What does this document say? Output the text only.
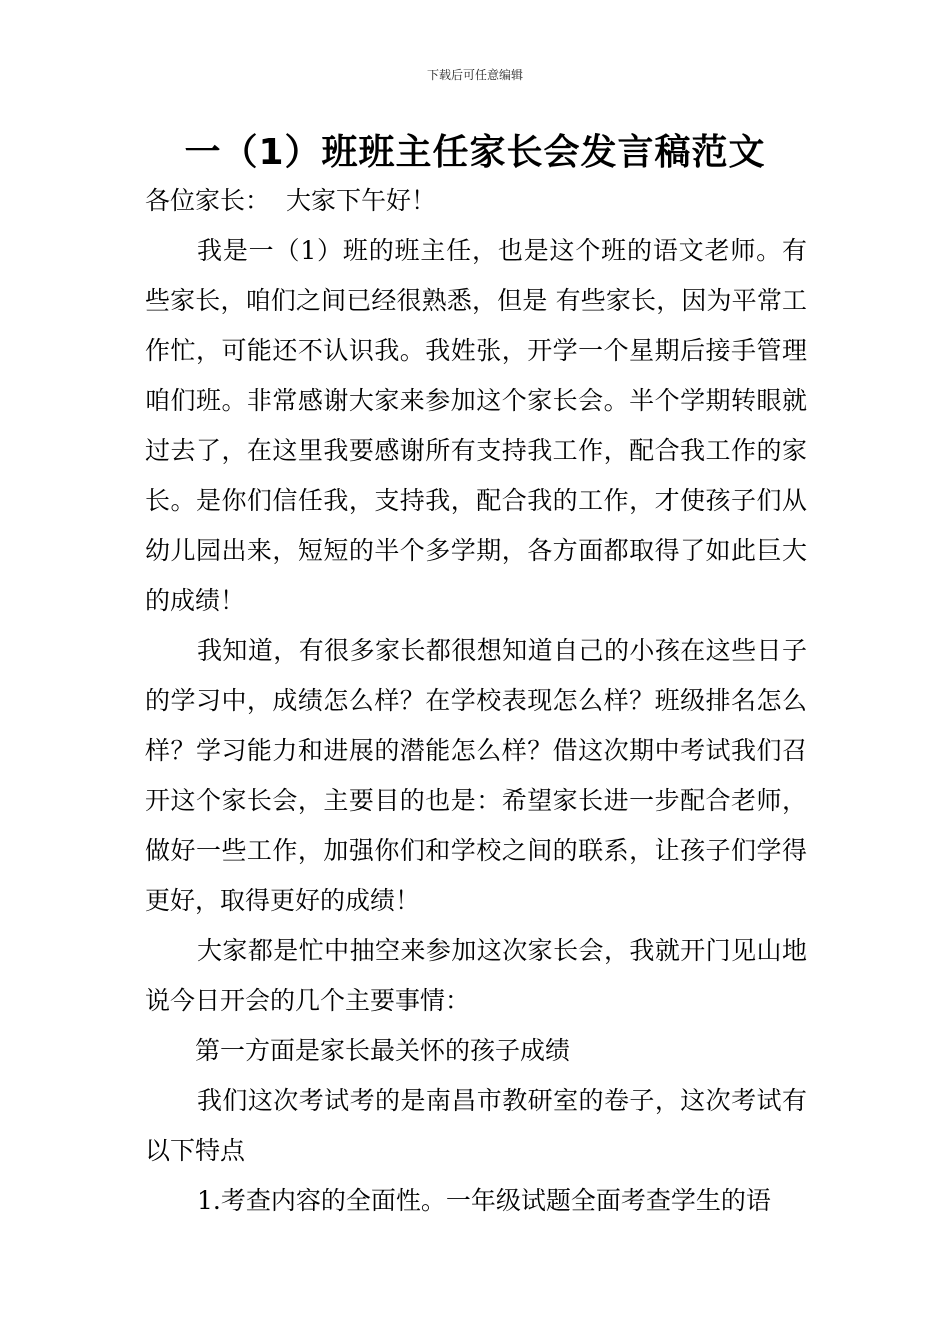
下载后可任意编辑
一（1）班班主任家长会发言稿范文

各位家长： 大家下午好！

我是一（1）班的班主任，也是这个班的语文老师。有些家长，咱们之间已经很熟悉，但是 有些家长，因为平常工作忙，可能还不认识我。我姓张，开学一个星期后接手管理咱们班。非常感谢大家来参加这个家长会。半个学期转眼就过去了，在这里我要感谢所有支持我工作，配合我工作的家长。是你们信任我，支持我，配合我的工作，才使孩子们从幼儿园出来，短短的半个多学期，各方面都取得了如此巨大的成绩！

我知道，有很多家长都很想知道自己的小孩在这些日子的学习中，成绩怎么样？在学校表现怎么样？班级排名怎么样？学习能力和进展的潜能怎么样？借这次期中考试我们召开这个家长会，主要目的也是：希望家长进一步配合老师，做好一些工作，加强你们和学校之间的联系，让孩子们学得更好，取得更好的成绩！

大家都是忙中抽空来参加这次家长会，我就开门见山地说今日开会的几个主要事情：

第一方面是家长最关怀的孩子成绩

我们这次考试考的是南昌市教研室的卷子，这次考试有以下特点

1.考查内容的全面性。一年级试题全面考查学生的语
